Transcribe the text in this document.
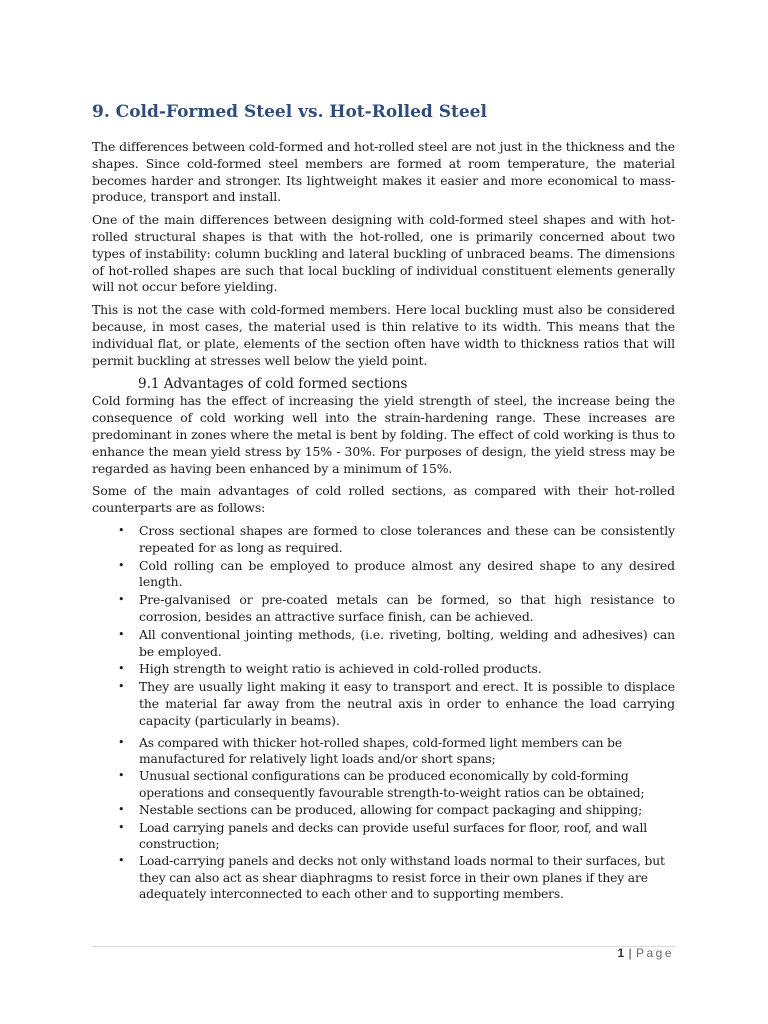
9. Cold-Formed Steel vs. Hot-Rolled Steel

The differences between cold-formed and hot-rolled steel are not just in the thickness and the shapes. Since cold-formed steel members are formed at room temperature, the material becomes harder and stronger. Its lightweight makes it easier and more economical to mass-produce, transport and install.

One of the main differences between designing with cold-formed steel shapes and with hot-rolled structural shapes is that with the hot-rolled, one is primarily concerned about two types of instability: column buckling and lateral buckling of unbraced beams. The dimensions of hot-rolled shapes are such that local buckling of individual constituent elements generally will not occur before yielding.

This is not the case with cold-formed members. Here local buckling must also be considered because, in most cases, the material used is thin relative to its width. This means that the individual flat, or plate, elements of the section often have width to thickness ratios that will permit buckling at stresses well below the yield point.

9.1 Advantages of cold formed sections

Cold forming has the effect of increasing the yield strength of steel, the increase being the consequence of cold working well into the strain-hardening range. These increases are predominant in zones where the metal is bent by folding. The effect of cold working is thus to enhance the mean yield stress by 15% - 30%. For purposes of design, the yield stress may be regarded as having been enhanced by a minimum of 15%.

Some of the main advantages of cold rolled sections, as compared with their hot-rolled counterparts are as follows:

• Cross sectional shapes are formed to close tolerances and these can be consistently repeated for as long as required.
• Cold rolling can be employed to produce almost any desired shape to any desired length.
• Pre-galvanised or pre-coated metals can be formed, so that high resistance to corrosion, besides an attractive surface finish, can be achieved.
• All conventional jointing methods, (i.e. riveting, bolting, welding and adhesives) can be employed.
• High strength to weight ratio is achieved in cold-rolled products.
• They are usually light making it easy to transport and erect. It is possible to displace the material far away from the neutral axis in order to enhance the load carrying capacity (particularly in beams).
• As compared with thicker hot-rolled shapes, cold-formed light members can be manufactured for relatively light loads and/or short spans;
• Unusual sectional configurations can be produced economically by cold-forming operations and consequently favourable strength-to-weight ratios can be obtained;
• Nestable sections can be produced, allowing for compact packaging and shipping;
• Load carrying panels and decks can provide useful surfaces for floor, roof, and wall construction;
• Load-carrying panels and decks not only withstand loads normal to their surfaces, but they can also act as shear diaphragms to resist force in their own planes if they are adequately interconnected to each other and to supporting members.
1 | Page
